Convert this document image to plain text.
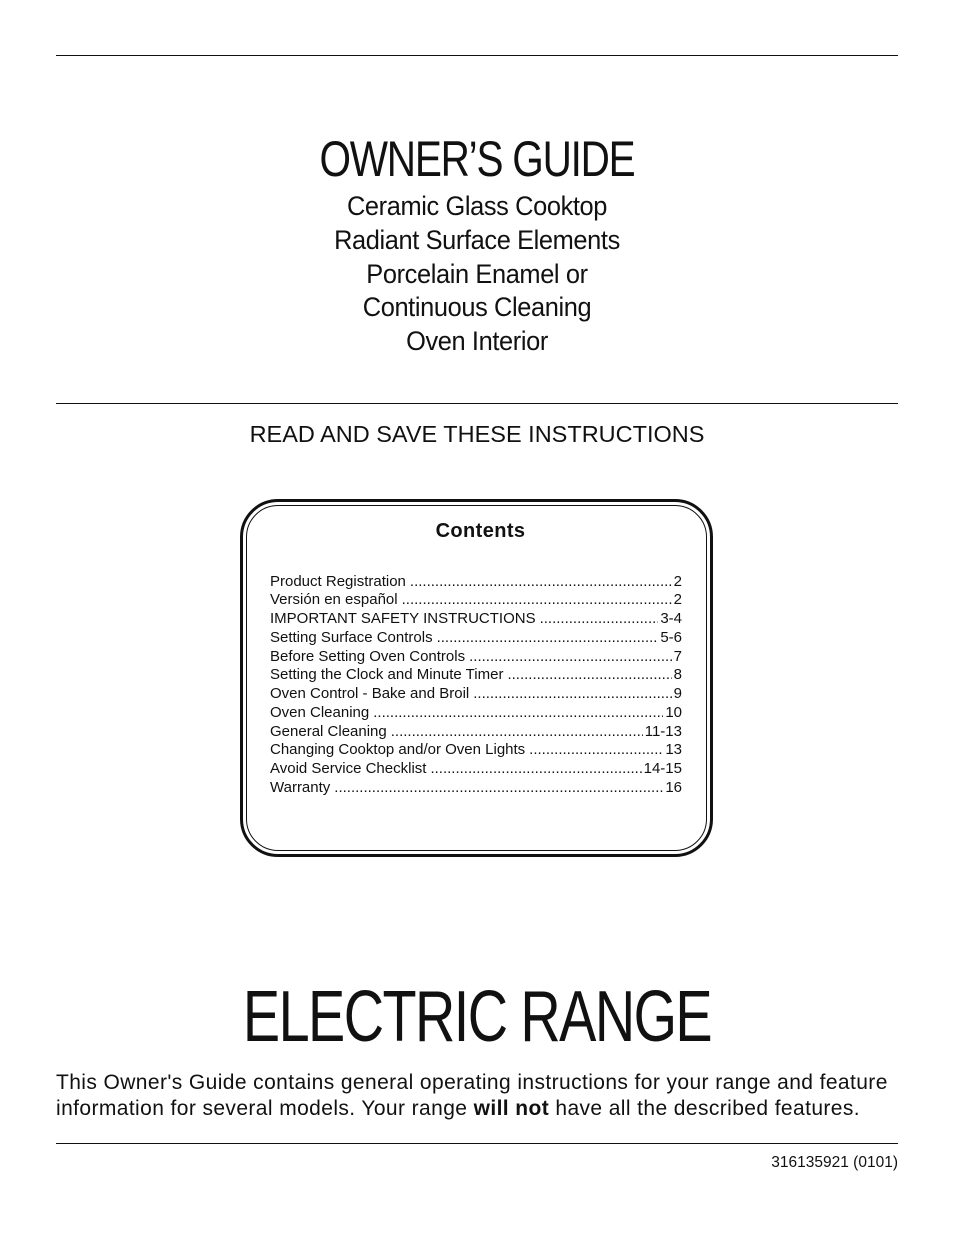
OWNER’S GUIDE
Ceramic Glass Cooktop
Radiant Surface Elements
Porcelain Enamel or
Continuous Cleaning
Oven Interior
READ AND SAVE THESE INSTRUCTIONS
Contents
Product Registration .....	2
Versión en español .....	2
IMPORTANT SAFETY INSTRUCTIONS .....	3-4
Setting Surface Controls .....	5-6
Before Setting Oven Controls .....	7
Setting the Clock and Minute Timer .....	8
Oven Control - Bake and Broil .....	9
Oven Cleaning .....	10
General Cleaning .....	11-13
Changing Cooktop and/or Oven Lights .....	13
Avoid Service Checklist .....	14-15
Warranty .....	16
ELECTRIC RANGE
This Owner's Guide contains general operating instructions for your range and feature
information for several models. Your range will not have all the described features.
316135921 (0101)
